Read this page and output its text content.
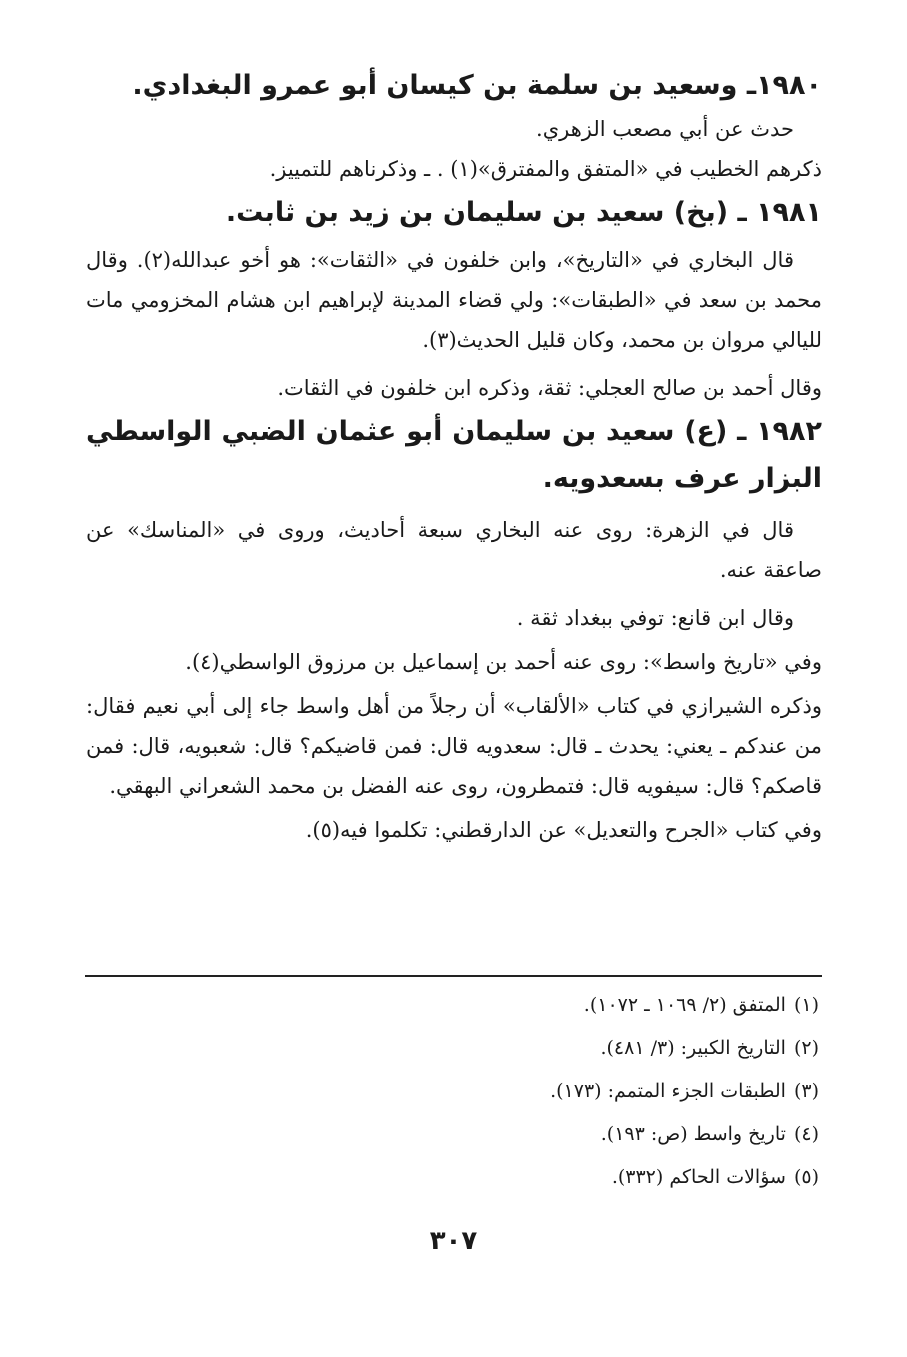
١٩٨٠ـ وسعيد بن سلمة بن كيسان أبو عمرو البغدادي.

حدث عن أبي مصعب الزهري.

ذكرهم الخطيب في «المتفق والمفترق»(١) . ـ وذكرناهم للتمييز.

١٩٨١ ـ (بخ) سعيد بن سليمان بن زيد بن ثابت.

قال البخاري في «التاريخ»، وابن خلفون في «الثقات»: هو أخو عبدالله(٢). وقال محمد بن سعد في «الطبقات»: ولي قضاء المدينة لإبراهيم ابن هشام المخزومي مات لليالي مروان بن محمد، وكان قليل الحديث(٣).

وقال أحمد بن صالح العجلي: ثقة، وذكره ابن خلفون في الثقات.

١٩٨٢ ـ (ع) سعيد بن سليمان أبو عثمان الضبي الواسطي البزار عرف بسعدويه.

قال في الزهرة: روى عنه البخاري سبعة أحاديث، وروى في «المناسك» عن صاعقة عنه.

وقال ابن قانع: توفي ببغداد ثقة .

وفي «تاريخ واسط»: روى عنه أحمد بن إسماعيل بن مرزوق الواسطي(٤).

وذكره الشيرازي في كتاب «الألقاب» أن رجلاً من أهل واسط جاء إلى أبي نعيم فقال: من عندكم ـ يعني: يحدث ـ قال: سعدويه قال: فمن قاضيكم؟ قال: شعبويه، قال: فمن قاصكم؟ قال: سيفويه قال: فتمطرون، روى عنه الفضل بن محمد الشعراني البهقي.

وفي كتاب «الجرح والتعديل» عن الدارقطني: تكلموا فيه(٥).

(١)المتفق (٢/ ١٠٦٩ ـ ١٠٧٢).
(٢)التاريخ الكبير: (٣/ ٤٨١).
(٣)الطبقات الجزء المتمم: (١٧٣).
(٤)تاريخ واسط (ص: ١٩٣).
(٥)سؤالات الحاكم (٣٣٢).
٣٠٧
